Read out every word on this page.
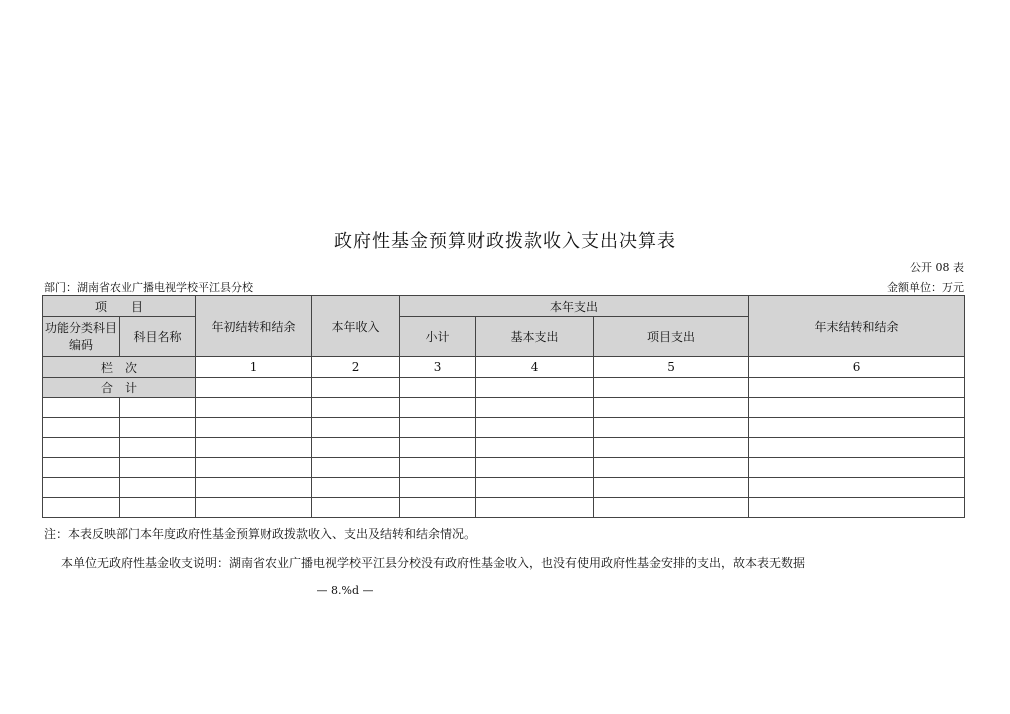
政府性基金预算财政拨款收入支出决算表
公开 08 表
部门：湖南省农业广播电视学校平江县分校	金额单位：万元
项　　目		年初结转和结余	本年收入	本年支出			年末结转和结余
功能分类科目编码	科目名称			小计	基本支出	项目支出	

栏　次		1	2	3	4	5	6
合　计							

注：本表反映部门本年度政府性基金预算财政拨款收入、支出及结转和结余情况。
本单位无政府性基金收支说明：湖南省农业广播电视学校平江县分校没有政府性基金收入，也没有使用政府性基金安排的支出，故本表无数据
— 8.%d —
